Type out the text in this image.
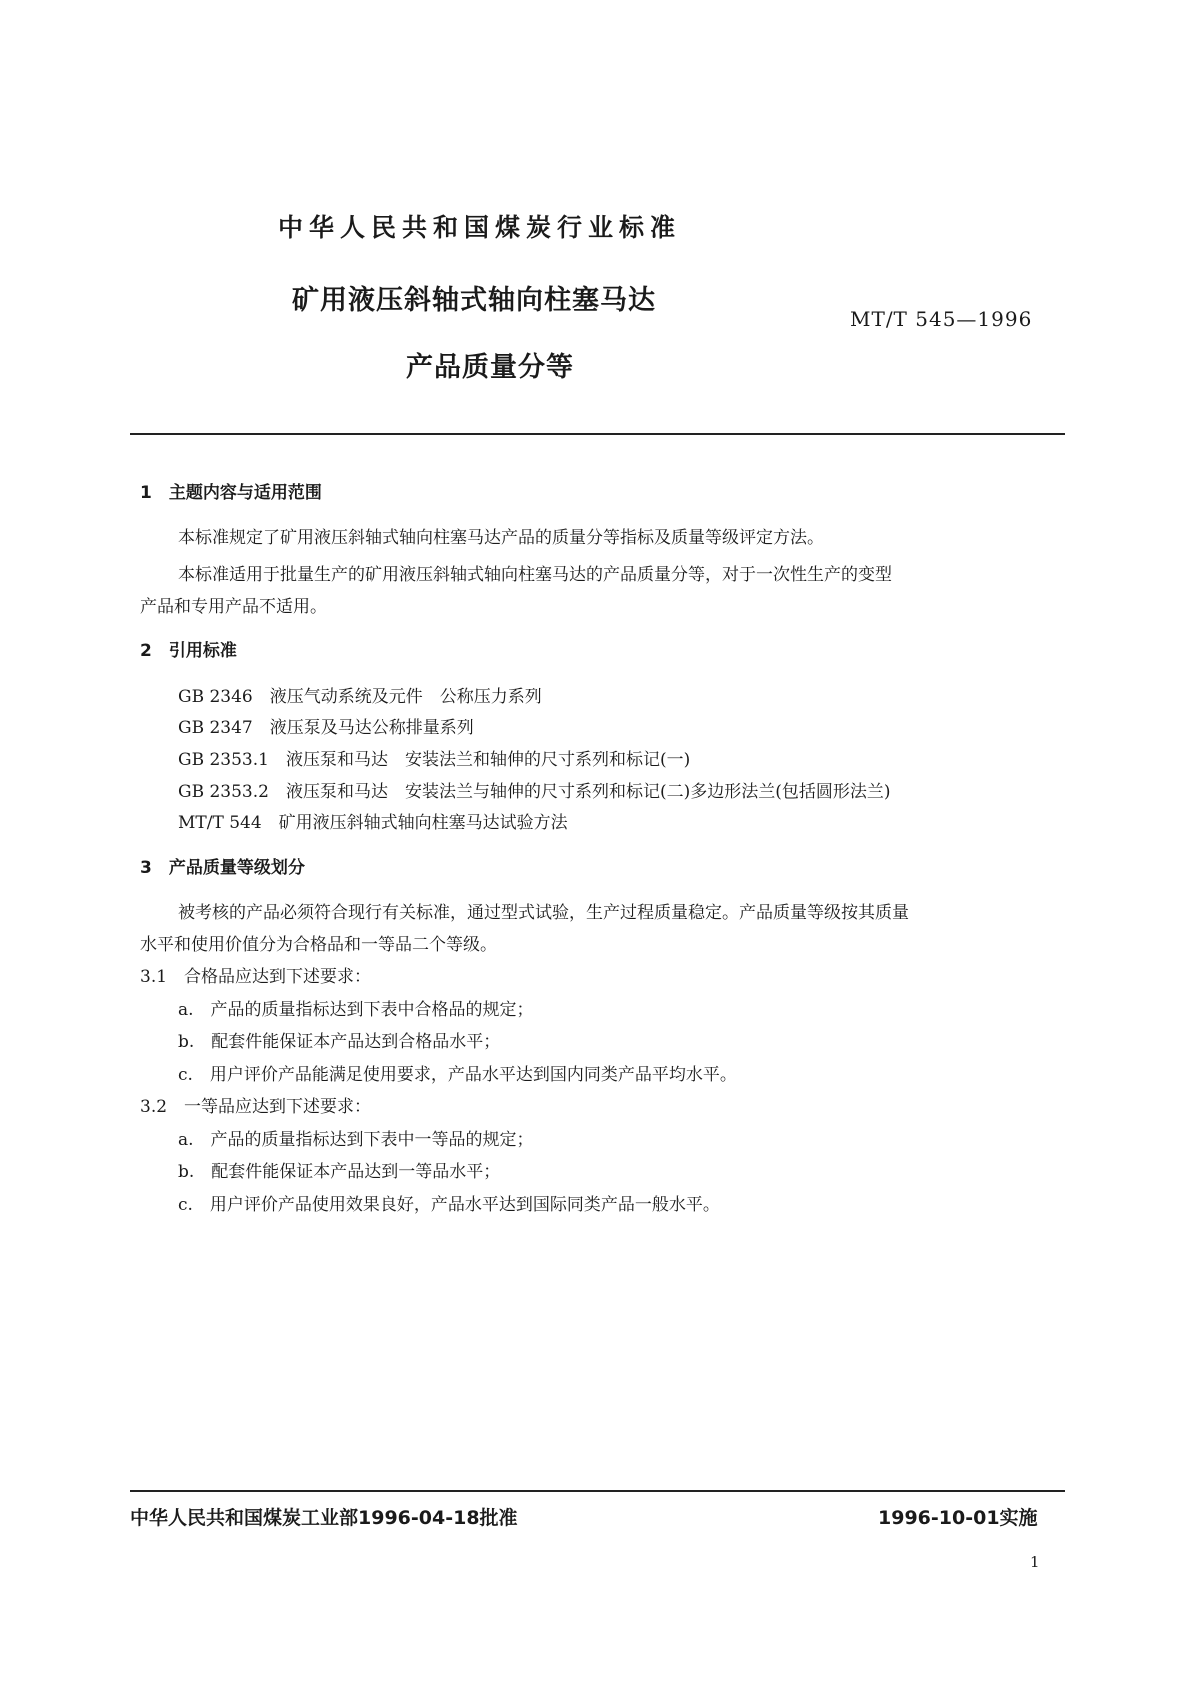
中华人民共和国煤炭行业标准
矿用液压斜轴式轴向柱塞马达
产品质量分等
MT/T 545—1996
1　主题内容与适用范围
本标准规定了矿用液压斜轴式轴向柱塞马达产品的质量分等指标及质量等级评定方法。
本标准适用于批量生产的矿用液压斜轴式轴向柱塞马达的产品质量分等，对于一次性生产的变型
产品和专用产品不适用。
2　引用标准
GB 2346　液压气动系统及元件　公称压力系列
GB 2347　液压泵及马达公称排量系列
GB 2353.1　液压泵和马达　安装法兰和轴伸的尺寸系列和标记(一)
GB 2353.2　液压泵和马达　安装法兰与轴伸的尺寸系列和标记(二)多边形法兰(包括圆形法兰)
MT/T 544　矿用液压斜轴式轴向柱塞马达试验方法
3　产品质量等级划分
被考核的产品必须符合现行有关标准，通过型式试验，生产过程质量稳定。产品质量等级按其质量
水平和使用价值分为合格品和一等品二个等级。
3.1　合格品应达到下述要求：
a.　产品的质量指标达到下表中合格品的规定；
b.　配套件能保证本产品达到合格品水平；
c.　用户评价产品能满足使用要求，产品水平达到国内同类产品平均水平。
3.2　一等品应达到下述要求：
a.　产品的质量指标达到下表中一等品的规定；
b.　配套件能保证本产品达到一等品水平；
c.　用户评价产品使用效果良好，产品水平达到国际同类产品一般水平。
中华人民共和国煤炭工业部1996-04-18批准	1996-10-01实施
1
